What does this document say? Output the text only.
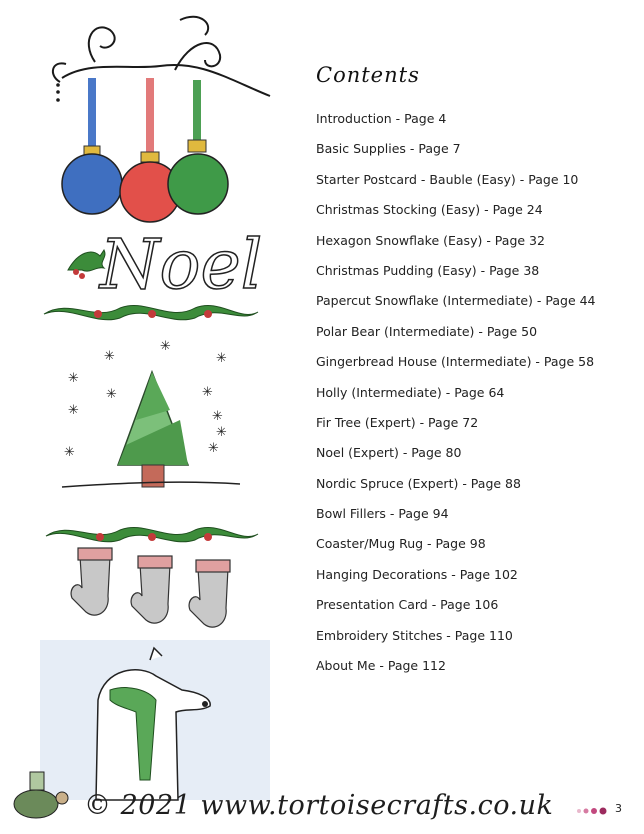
Noel
✳
✳
✳
✳
✳	✳
✳	✳
✳
✳	✳
Contents
Introduction - Page 4
Basic Supplies - Page 7
Starter Postcard - Bauble (Easy) - Page 10
Christmas Stocking (Easy) - Page 24
Hexagon Snowflake (Easy) - Page 32
Christmas Pudding (Easy) - Page 38
Papercut Snowflake (Intermediate) - Page 44
Polar Bear (Intermediate) - Page 50
Gingerbread House (Intermediate) - Page 58
Holly (Intermediate) - Page 64
Fir Tree (Expert) - Page 72
Noel (Expert) - Page 80
Nordic Spruce (Expert) - Page 88
Bowl Fillers - Page 94
Coaster/Mug Rug - Page 98
Hanging Decorations - Page 102
Presentation Card - Page 106
Embroidery Stitches - Page 110
About Me - Page 112
© 2021 www.tortoisecrafts.co.uk	3
